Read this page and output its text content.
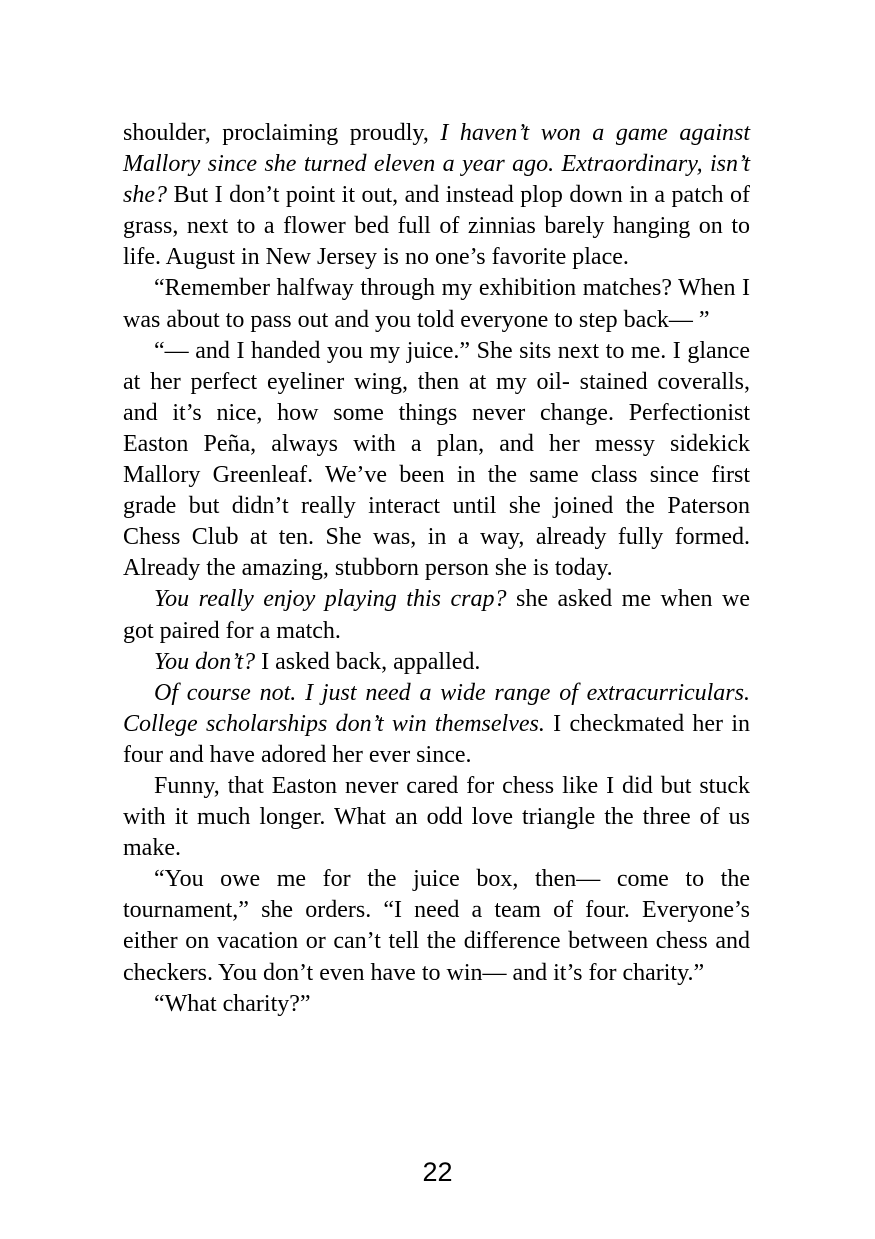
shoulder, proclaiming proudly, I haven’t won a game against Mallory since she turned eleven a year ago. Extraordinary, isn’t she? But I don’t point it out, and instead plop down in a patch of grass, next to a flower bed full of zinnias barely hanging on to life. August in New Jersey is no one’s favorite place.

“Remember halfway through my exhibition matches? When I was about to pass out and you told everyone to step back— ”

“— and I handed you my juice.” She sits next to me. I glance at her perfect eyeliner wing, then at my oil- stained coveralls, and it’s nice, how some things never change. Perfectionist Easton Peña, always with a plan, and her messy sidekick Mallory Greenleaf. We’ve been in the same class since first grade but didn’t really interact until she joined the Paterson Chess Club at ten. She was, in a way, already fully formed. Already the amazing, stubborn person she is today.

You really enjoy playing this crap? she asked me when we got paired for a match.

You don’t? I asked back, appalled.

Of course not. I just need a wide range of extracurriculars. College scholarships don’t win themselves. I checkmated her in four and have adored her ever since.

Funny, that Easton never cared for chess like I did but stuck with it much longer. What an odd love triangle the three of us make.

“You owe me for the juice box, then— come to the tournament,” she orders. “I need a team of four. Everyone’s either on vacation or can’t tell the difference between chess and checkers. You don’t even have to win— and it’s for charity.”

“What charity?”

22
